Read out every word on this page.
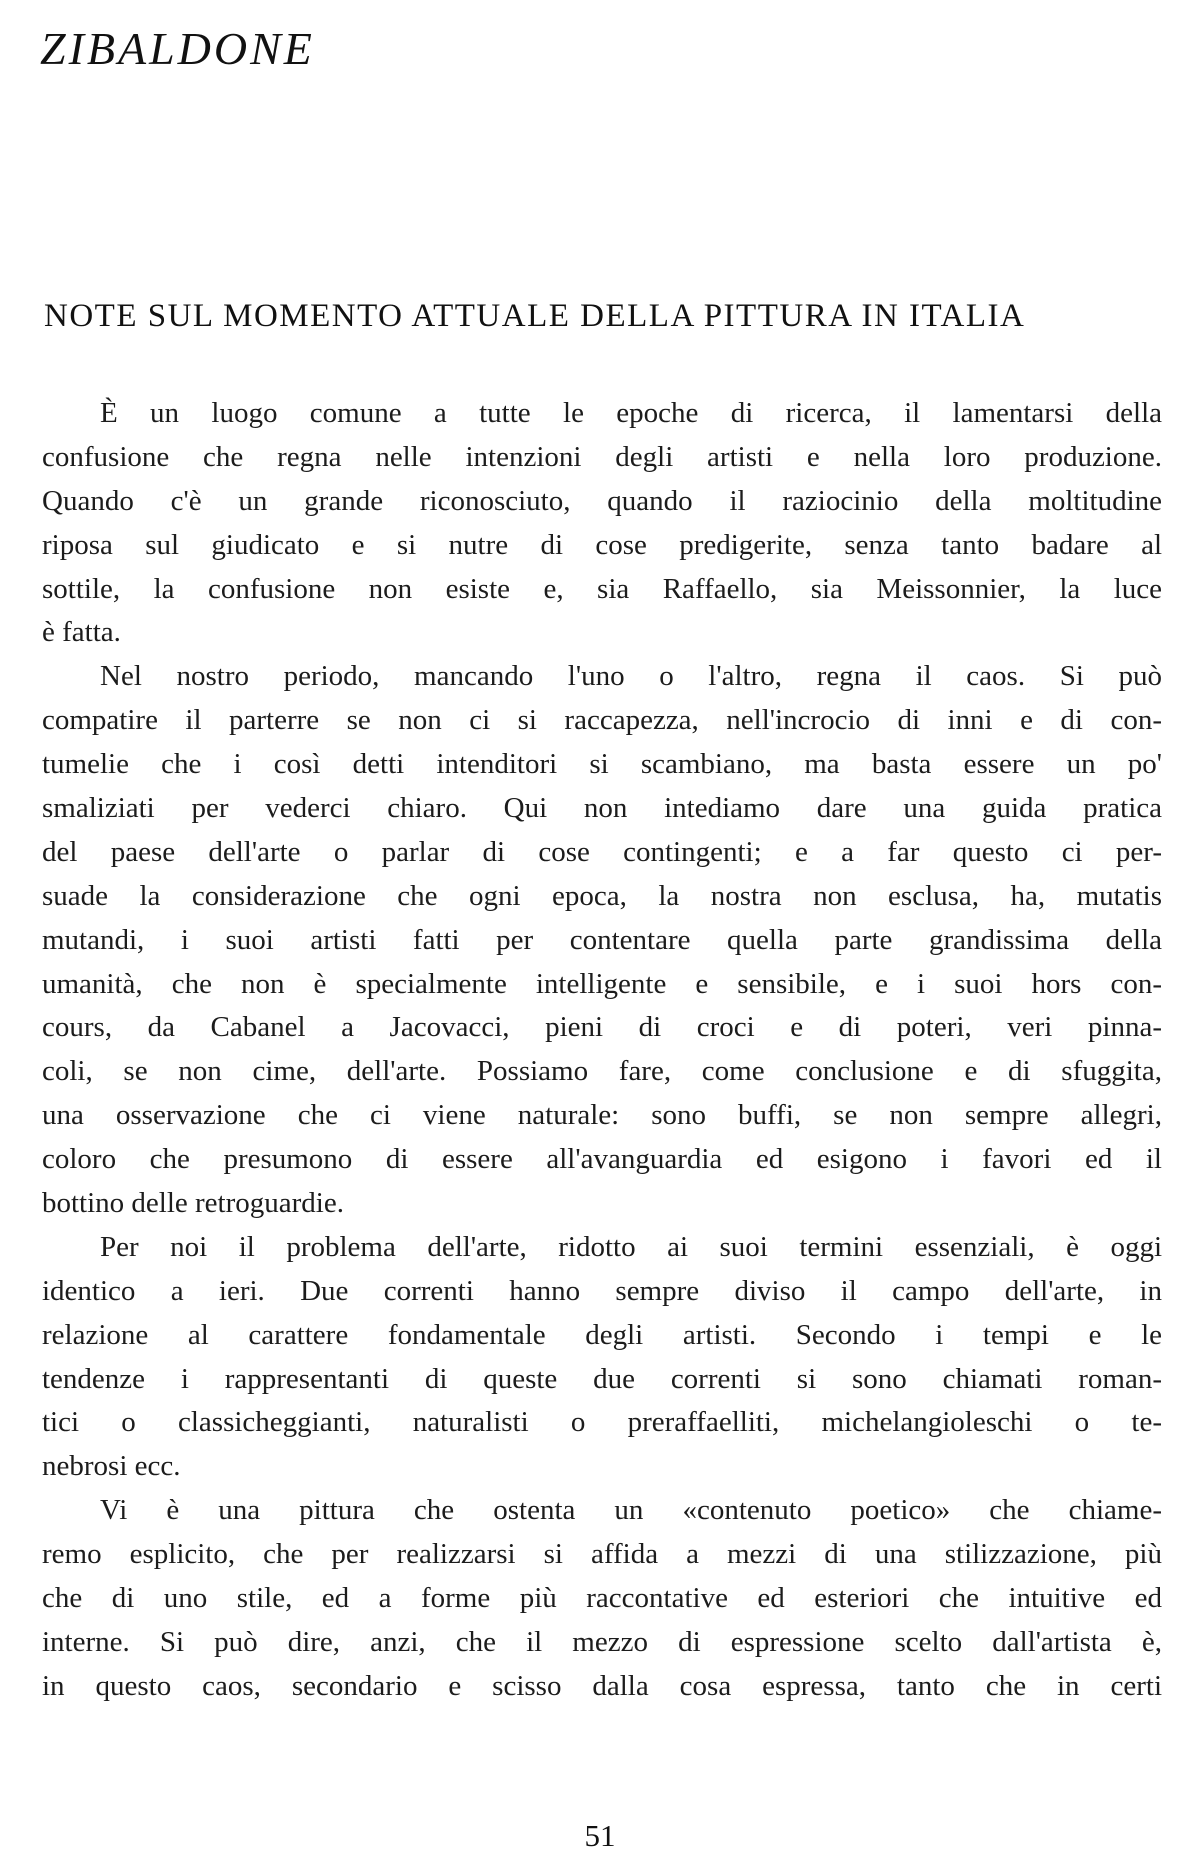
ZIBALDONE
NOTE SUL MOMENTO ATTUALE DELLA PITTURA IN ITALIA
È un luogo comune a tutte le epoche di ricerca, il lamentarsi della
confusione che regna nelle intenzioni degli artisti e nella loro produzione.
Quando c'è un grande riconosciuto, quando il raziocinio della moltitudine
riposa sul giudicato e si nutre di cose predigerite, senza tanto badare al
sottile, la confusione non esiste e, sia Raffaello, sia Meissonnier, la luce
è fatta.
Nel nostro periodo, mancando l'uno o l'altro, regna il caos. Si può
compatire il parterre se non ci si raccapezza, nell'incrocio di inni e di con-
tumelie che i così detti intenditori si scambiano, ma basta essere un po'
smaliziati per vederci chiaro. Qui non intediamo dare una guida pratica
del paese dell'arte o parlar di cose contingenti; e a far questo ci per-
suade la considerazione che ogni epoca, la nostra non esclusa, ha, mutatis
mutandi, i suoi artisti fatti per contentare quella parte grandissima della
umanità, che non è specialmente intelligente e sensibile, e i suoi hors con-
cours, da Cabanel a Jacovacci, pieni di croci e di poteri, veri pinna-
coli, se non cime, dell'arte. Possiamo fare, come conclusione e di sfuggita,
una osservazione che ci viene naturale: sono buffi, se non sempre allegri,
coloro che presumono di essere all'avanguardia ed esigono i favori ed il
bottino delle retroguardie.
Per noi il problema dell'arte, ridotto ai suoi termini essenziali, è oggi
identico a ieri. Due correnti hanno sempre diviso il campo dell'arte, in
relazione al carattere fondamentale degli artisti. Secondo i tempi e le
tendenze i rappresentanti di queste due correnti si sono chiamati roman-
tici o classicheggianti, naturalisti o preraffaelliti, michelangioleschi o te-
nebrosi ecc.
Vi è una pittura che ostenta un «contenuto poetico» che chiame-
remo esplicito, che per realizzarsi si affida a mezzi di una stilizzazione, più
che di uno stile, ed a forme più raccontative ed esteriori che intuitive ed
interne. Si può dire, anzi, che il mezzo di espressione scelto dall'artista è,
in questo caos, secondario e scisso dalla cosa espressa, tanto che in certi
51
